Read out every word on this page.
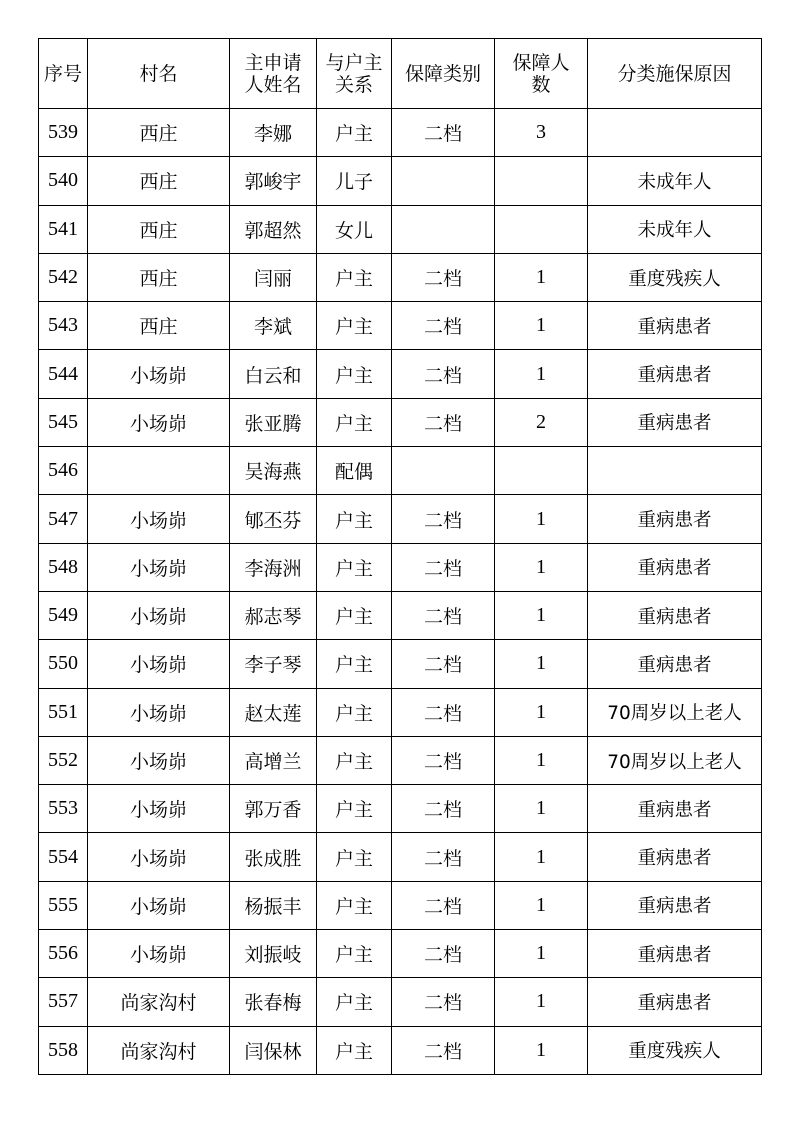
序号	村名	主申请人姓名	与户主关系	保障类别	保障人数	分类施保原因
539	西庄	李娜	户主	二档	3	
540	西庄	郭峻宇	儿子			未成年人
541	西庄	郭超然	女儿			未成年人
542	西庄	闫丽	户主	二档	1	重度残疾人
543	西庄	李斌	户主	二档	1	重病患者
544	小场峁	白云和	户主	二档	1	重病患者
545	小场峁	张亚腾	户主	二档	2	重病患者
546		吴海燕	配偶			
547	小场峁	郇丕芬	户主	二档	1	重病患者
548	小场峁	李海洲	户主	二档	1	重病患者
549	小场峁	郝志琴	户主	二档	1	重病患者
550	小场峁	李子琴	户主	二档	1	重病患者
551	小场峁	赵太莲	户主	二档	1	70周岁以上老人
552	小场峁	高增兰	户主	二档	1	70周岁以上老人
553	小场峁	郭万香	户主	二档	1	重病患者
554	小场峁	张成胜	户主	二档	1	重病患者
555	小场峁	杨振丰	户主	二档	1	重病患者
556	小场峁	刘振岐	户主	二档	1	重病患者
557	尚家沟村	张春梅	户主	二档	1	重病患者
558	尚家沟村	闫保林	户主	二档	1	重度残疾人
